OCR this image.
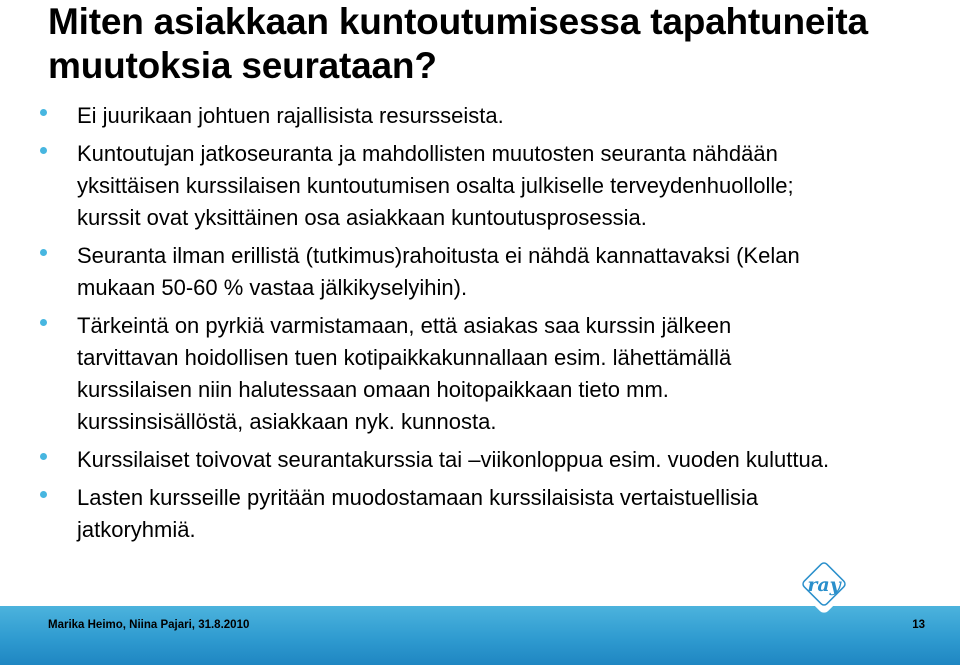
Miten asiakkaan kuntoutumisessa tapahtuneita
muutoksia seurataan?
Ei juurikaan johtuen rajallisista resursseista.
Kuntoutujan jatkoseuranta ja mahdollisten muutosten seuranta nähdään
yksittäisen kurssilaisen kuntoutumisen osalta julkiselle terveydenhuollolle;
kurssit ovat yksittäinen osa asiakkaan kuntoutusprosessia.
Seuranta ilman erillistä (tutkimus)rahoitusta ei nähdä kannattavaksi (Kelan
mukaan 50-60 % vastaa jälkikyselyihin).
Tärkeintä on pyrkiä varmistamaan, että asiakas saa kurssin jälkeen
tarvittavan hoidollisen tuen kotipaikkakunnallaan esim. lähettämällä
kurssilaisen niin halutessaan omaan hoitopaikkaan tieto mm.
kurssinsisällöstä, asiakkaan nyk. kunnosta.
Kurssilaiset toivovat seurantakurssia tai –viikonloppua esim. vuoden kuluttua.
Lasten kursseille pyritään muodostamaan kurssilaisista vertaistuellisia
jatkoryhmiä.
ray
Marika Heimo, Niina Pajari, 31.8.2010	13
